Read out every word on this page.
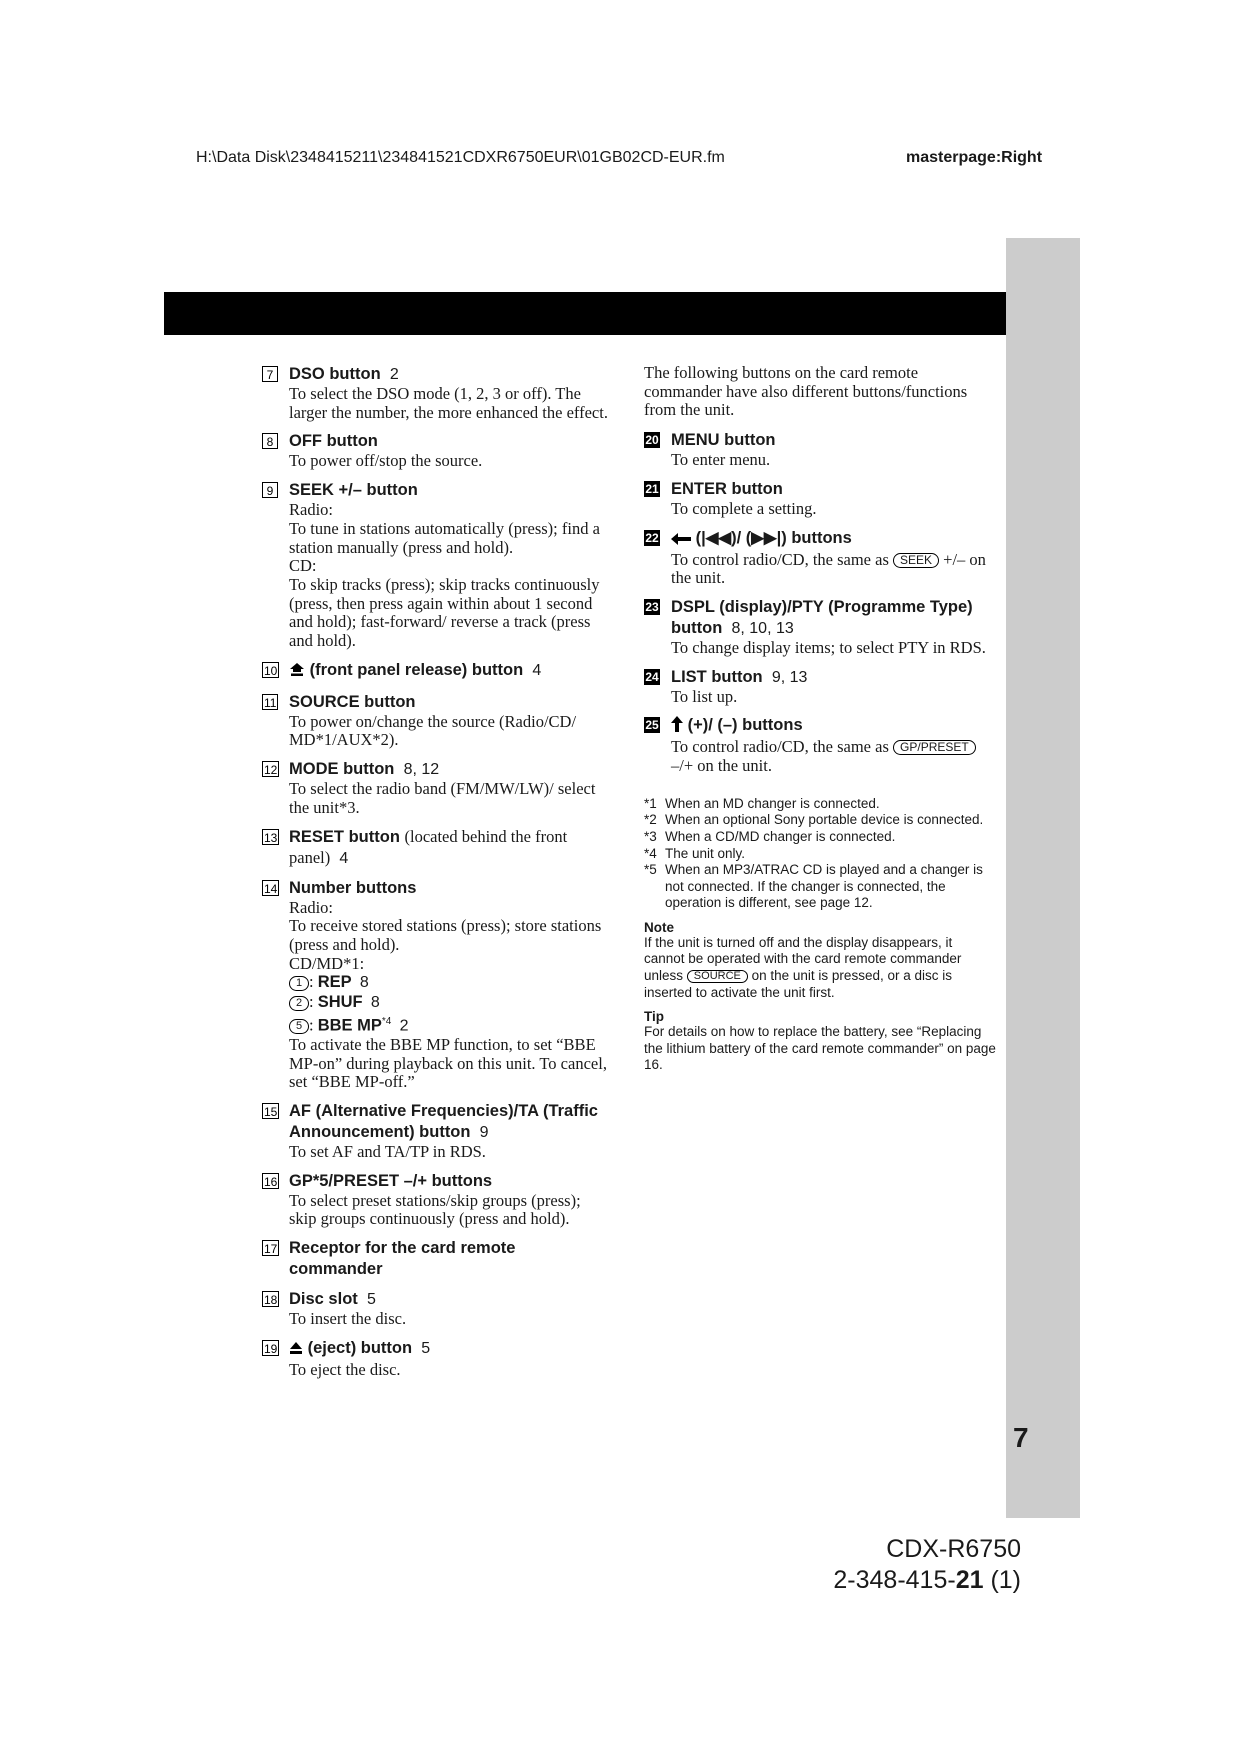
H:\Data Disk\2348415211\234841521CDXR6750EUR\01GB02CD-EUR.fm	masterpage:Right
7 DSO button 2
To select the DSO mode (1, 2, 3 or off). The larger the number, the more enhanced the effect.
8 OFF button
To power off/stop the source.
9 SEEK +/– button
Radio:
To tune in stations automatically (press); find a station manually (press and hold).
CD:
To skip tracks (press); skip tracks continuously (press, then press again within about 1 second and hold); fast-forward/ reverse a track (press and hold).
10	(front panel release) button 4
11 SOURCE button
To power on/change the source (Radio/CD/ MD*1/AUX*2).
12 MODE button 8, 12
To select the radio band (FM/MW/LW)/ select the unit*3.
13 RESET button (located behind the front panel) 4
14 Number buttons
Radio:
To receive stored stations (press); store stations (press and hold).
CD/MD*1:
1 : REP 8
2 : SHUF 8
5 : BBE MP$^{*4}$ 2
To activate the BBE MP function, to set “BBE MP-on” during playback on this unit. To cancel, set “BBE MP-off.”
15 AF (Alternative Frequencies)/TA (Traffic Announcement) button 9
To set AF and TA/TP in RDS.
16 GP*5/PRESET –/+ buttons
To select preset stations/skip groups (press); skip groups continuously (press and hold).
17 Receptor for the card remote commander
18 Disc slot 5
To insert the disc.
19	(eject) button 5
To eject the disc.
The following buttons on the card remote commander have also different buttons/functions from the unit.
20 MENU button
To enter menu.
21 ENTER button
To complete a setting.
22	(|◀◀)/ (▶▶|) buttons
To control radio/CD, the same as SEEK +/– on the unit.
23 DSPL (display)/PTY (Programme Type) button 8, 10, 13
To change display items; to select PTY in RDS.
24 LIST button 9, 13
To list up.
25	(+)/ (–) buttons
To control radio/CD, the same as GP/PRESET –/+ on the unit.
*1 When an MD changer is connected.
*2 When an optional Sony portable device is connected.
*3 When a CD/MD changer is connected.
*4 The unit only.
*5 When an MP3/ATRAC CD is played and a changer is not connected. If the changer is connected, the operation is different, see page 12.
Note
If the unit is turned off and the display disappears, it cannot be operated with the card remote commander unless SOURCE on the unit is pressed, or a disc is inserted to activate the unit first.
Tip
For details on how to replace the battery, see “Replacing the lithium battery of the card remote commander” on page 16.
7
CDX-R6750
2-348-415-21 (1)
